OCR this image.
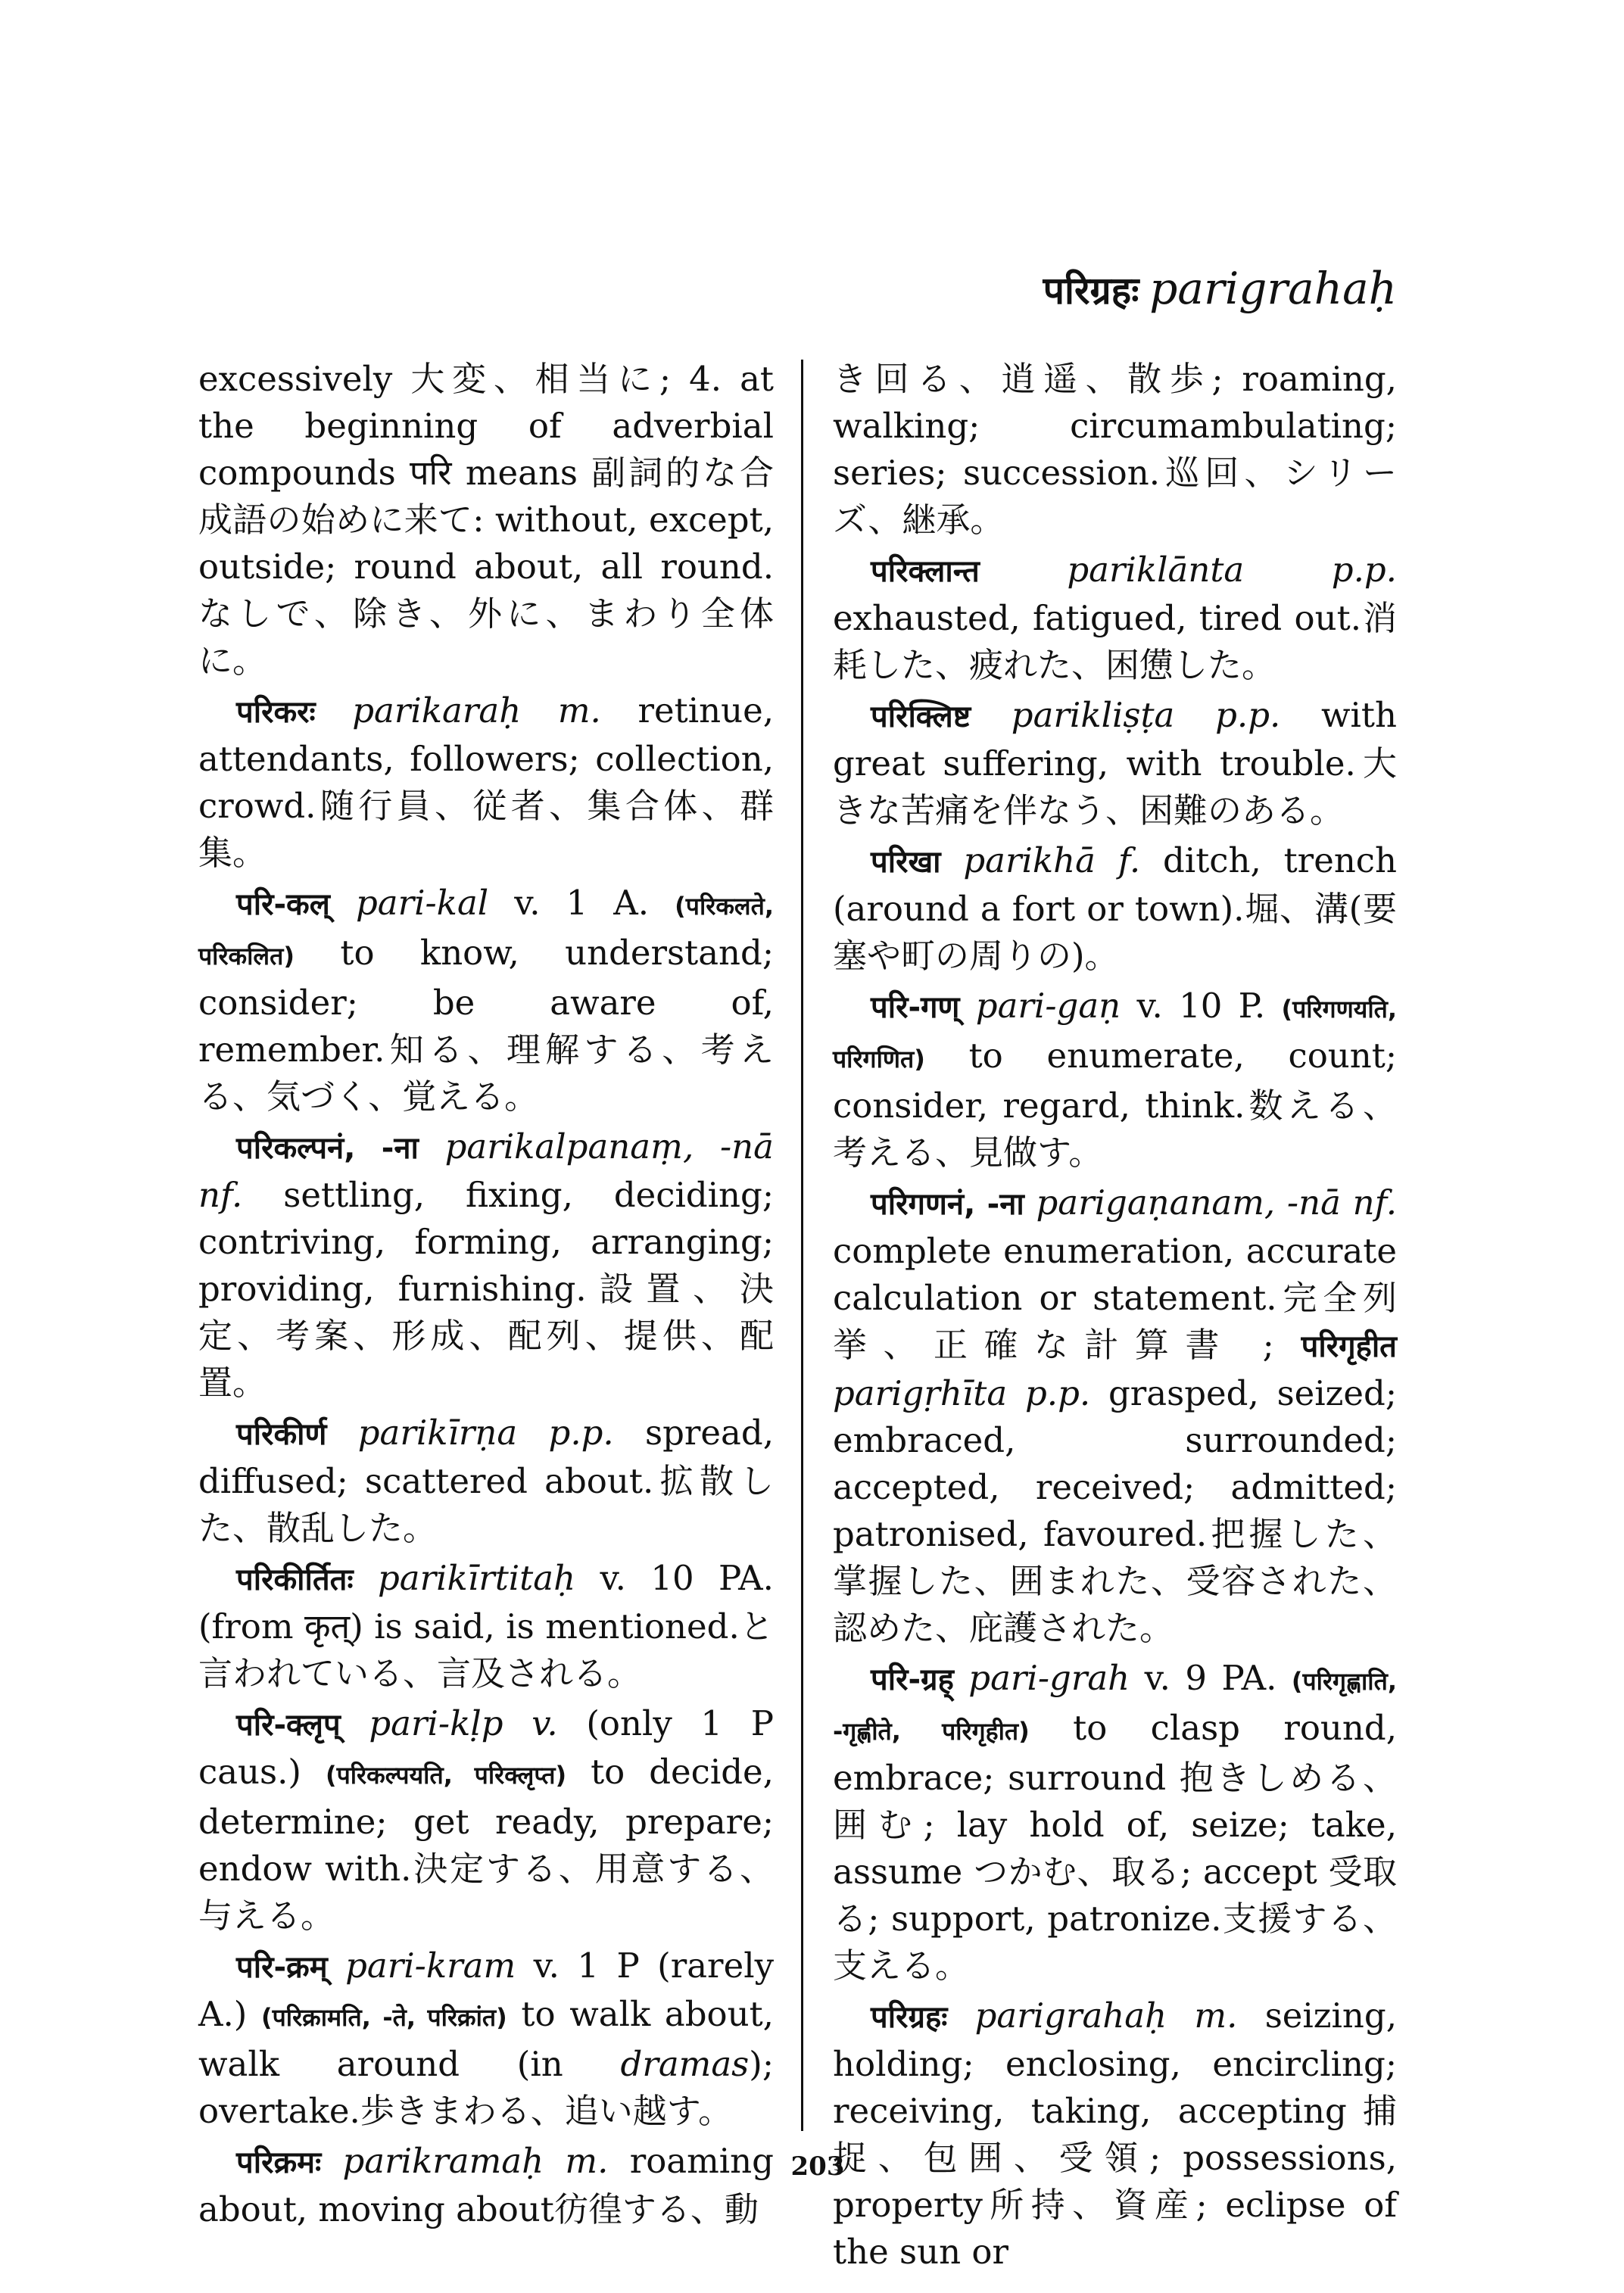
परिग्रहः parigrahaḥ

excessively 大変、相当に; 4. at the beginning of adverbial compounds परि means 副詞的な合成語の始めに来て: without, except, outside; round about, all round.なしで、除き、外に、まわり全体に。

परिकरः parikaraḥ m. retinue, attendants, followers; collection, crowd.随行員、従者、集合体、群集。

परि-कल् pari-kal v. 1 A. (परिकलते, परिकलित) to know, understand; consider; be aware of, remember.知る、理解する、考える、気づく、覚える。

परिकल्पनं, -ना parikalpanaṃ, -nā nf. settling, fixing, deciding; contriving, forming, arranging; providing, furnishing.設置、決定、考案、形成、配列、提供、配置。

परिकीर्ण parikīrṇa p.p. spread, diffused; scattered about.拡散した、散乱した。

परिकीर्तितः parikīrtitaḥ v. 10 PA. (from कृत्) is said, is mentioned.と言われている、言及される。

परि-क्लृप् pari-kḷp v. (only 1 P caus.) (परिकल्पयति, परिक्लृप्त) to decide, determine; get ready, prepare; endow with.決定する、用意する、与える。

परि-क्रम् pari-kram v. 1 P (rarely A.) (परिक्रामति, -ते, परिक्रांत) to walk about, walk around (in dramas); overtake.歩きまわる、追い越す。

परिक्रमः parikramaḥ m. roaming about, moving about彷徨する、動

き回る、逍遥、散歩; roaming, walking; circumambulating; series; succession.巡回、シリーズ、継承。

परिक्लान्त	pariklānta	p.p. exhausted, fatigued, tired out.消耗した、疲れた、困憊した。

परिक्लिष्ट parikliṣṭa p.p. with great suffering, with trouble.大きな苦痛を伴なう、困難のある。

परिखा parikhā f. ditch, trench (around a fort or town).堀、溝(要塞や町の周りの)。

परि-गण् pari-gaṇ v. 10 P. (परिगणयति, परिगणित) to enumerate, count; consider, regard, think.数える、考える、見做す。

परिगणनं, -ना parigaṇanam, -nā nf. complete enumeration, accurate calculation or statement.完全列挙、正確な計算書 ; परिगृहीत parigṛhīta p.p. grasped, seized; embraced, surrounded; accepted, received; admitted; patronised, favoured.把握した、掌握した、囲まれた、受容された、認めた、庇護された。

परि-ग्रह् pari-grah v. 9 PA. (परिगृह्णाति, -गृह्णीते, परिगृहीत) to clasp round, embrace; surround 抱きしめる、囲む; lay hold of, seize; take, assume つかむ、取る; accept 受取る; support, patronize.支援する、支える。

परिग्रहः parigrahaḥ m. seizing, holding; enclosing, encircling; receiving, taking, accepting捕捉、包囲、受領; possessions, property所持、資産; eclipse of the sun or

203
